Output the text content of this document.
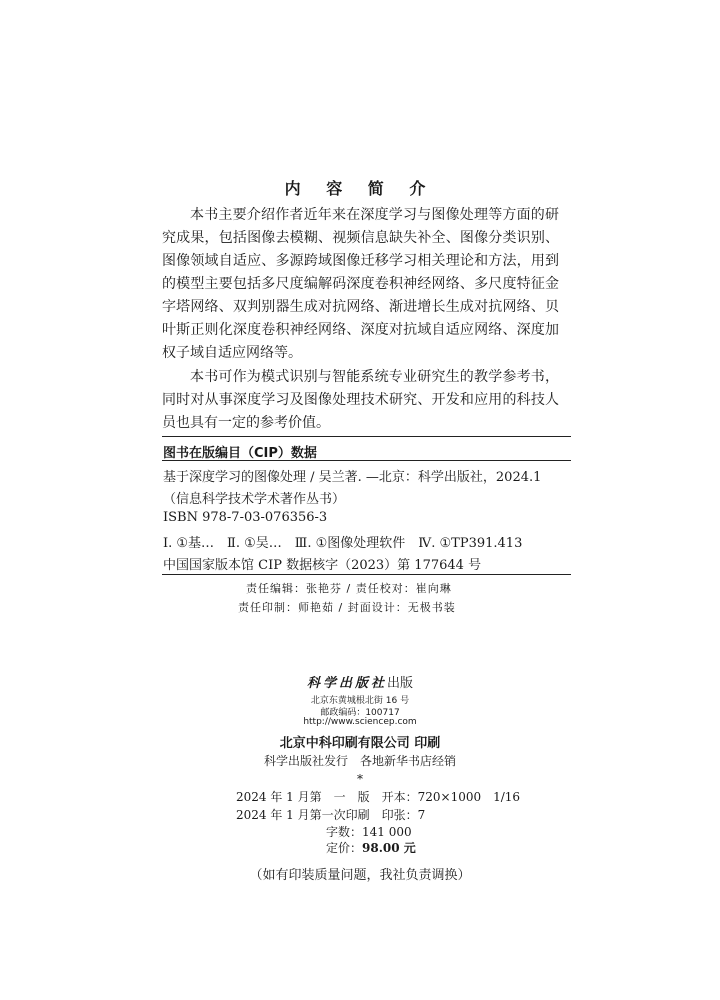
内 容 简 介

本书主要介绍作者近年来在深度学习与图像处理等方面的研究成果，包括图像去模糊、视频信息缺失补全、图像分类识别、图像领域自适应、多源跨域图像迁移学习相关理论和方法，用到的模型主要包括多尺度编解码深度卷积神经网络、多尺度特征金字塔网络、双判别器生成对抗网络、渐进增长生成对抗网络、贝叶斯正则化深度卷积神经网络、深度对抗域自适应网络、深度加权子域自适应网络等。

本书可作为模式识别与智能系统专业研究生的教学参考书，同时对从事深度学习及图像处理技术研究、开发和应用的科技人员也具有一定的参考价值。

图书在版编目（CIP）数据
基于深度学习的图像处理 / 吴兰著. —北京：科学出版社，2024.1
（信息科学技术学术著作丛书）
ISBN 978-7-03-076356-3
Ⅰ. ①基…　Ⅱ. ①吴…　Ⅲ. ①图像处理软件　Ⅳ. ①TP391.413
中国国家版本馆 CIP 数据核字（2023）第 177644 号
责任编辑：张艳芬 / 责任校对：崔向琳
责任印制：师艳茹 / 封面设计：无极书装
科学出版社出版
北京东黄城根北街 16 号
邮政编码：100717
http://www.sciencep.com
北京中科印刷有限公司 印刷
科学出版社发行　各地新华书店经销
*
2024 年 1 月第　一　版　开本：720×1000　1/16
2024 年 1 月第一次印刷　印张：7
字数：141 000
定价：98.00 元
（如有印装质量问题，我社负责调换）
